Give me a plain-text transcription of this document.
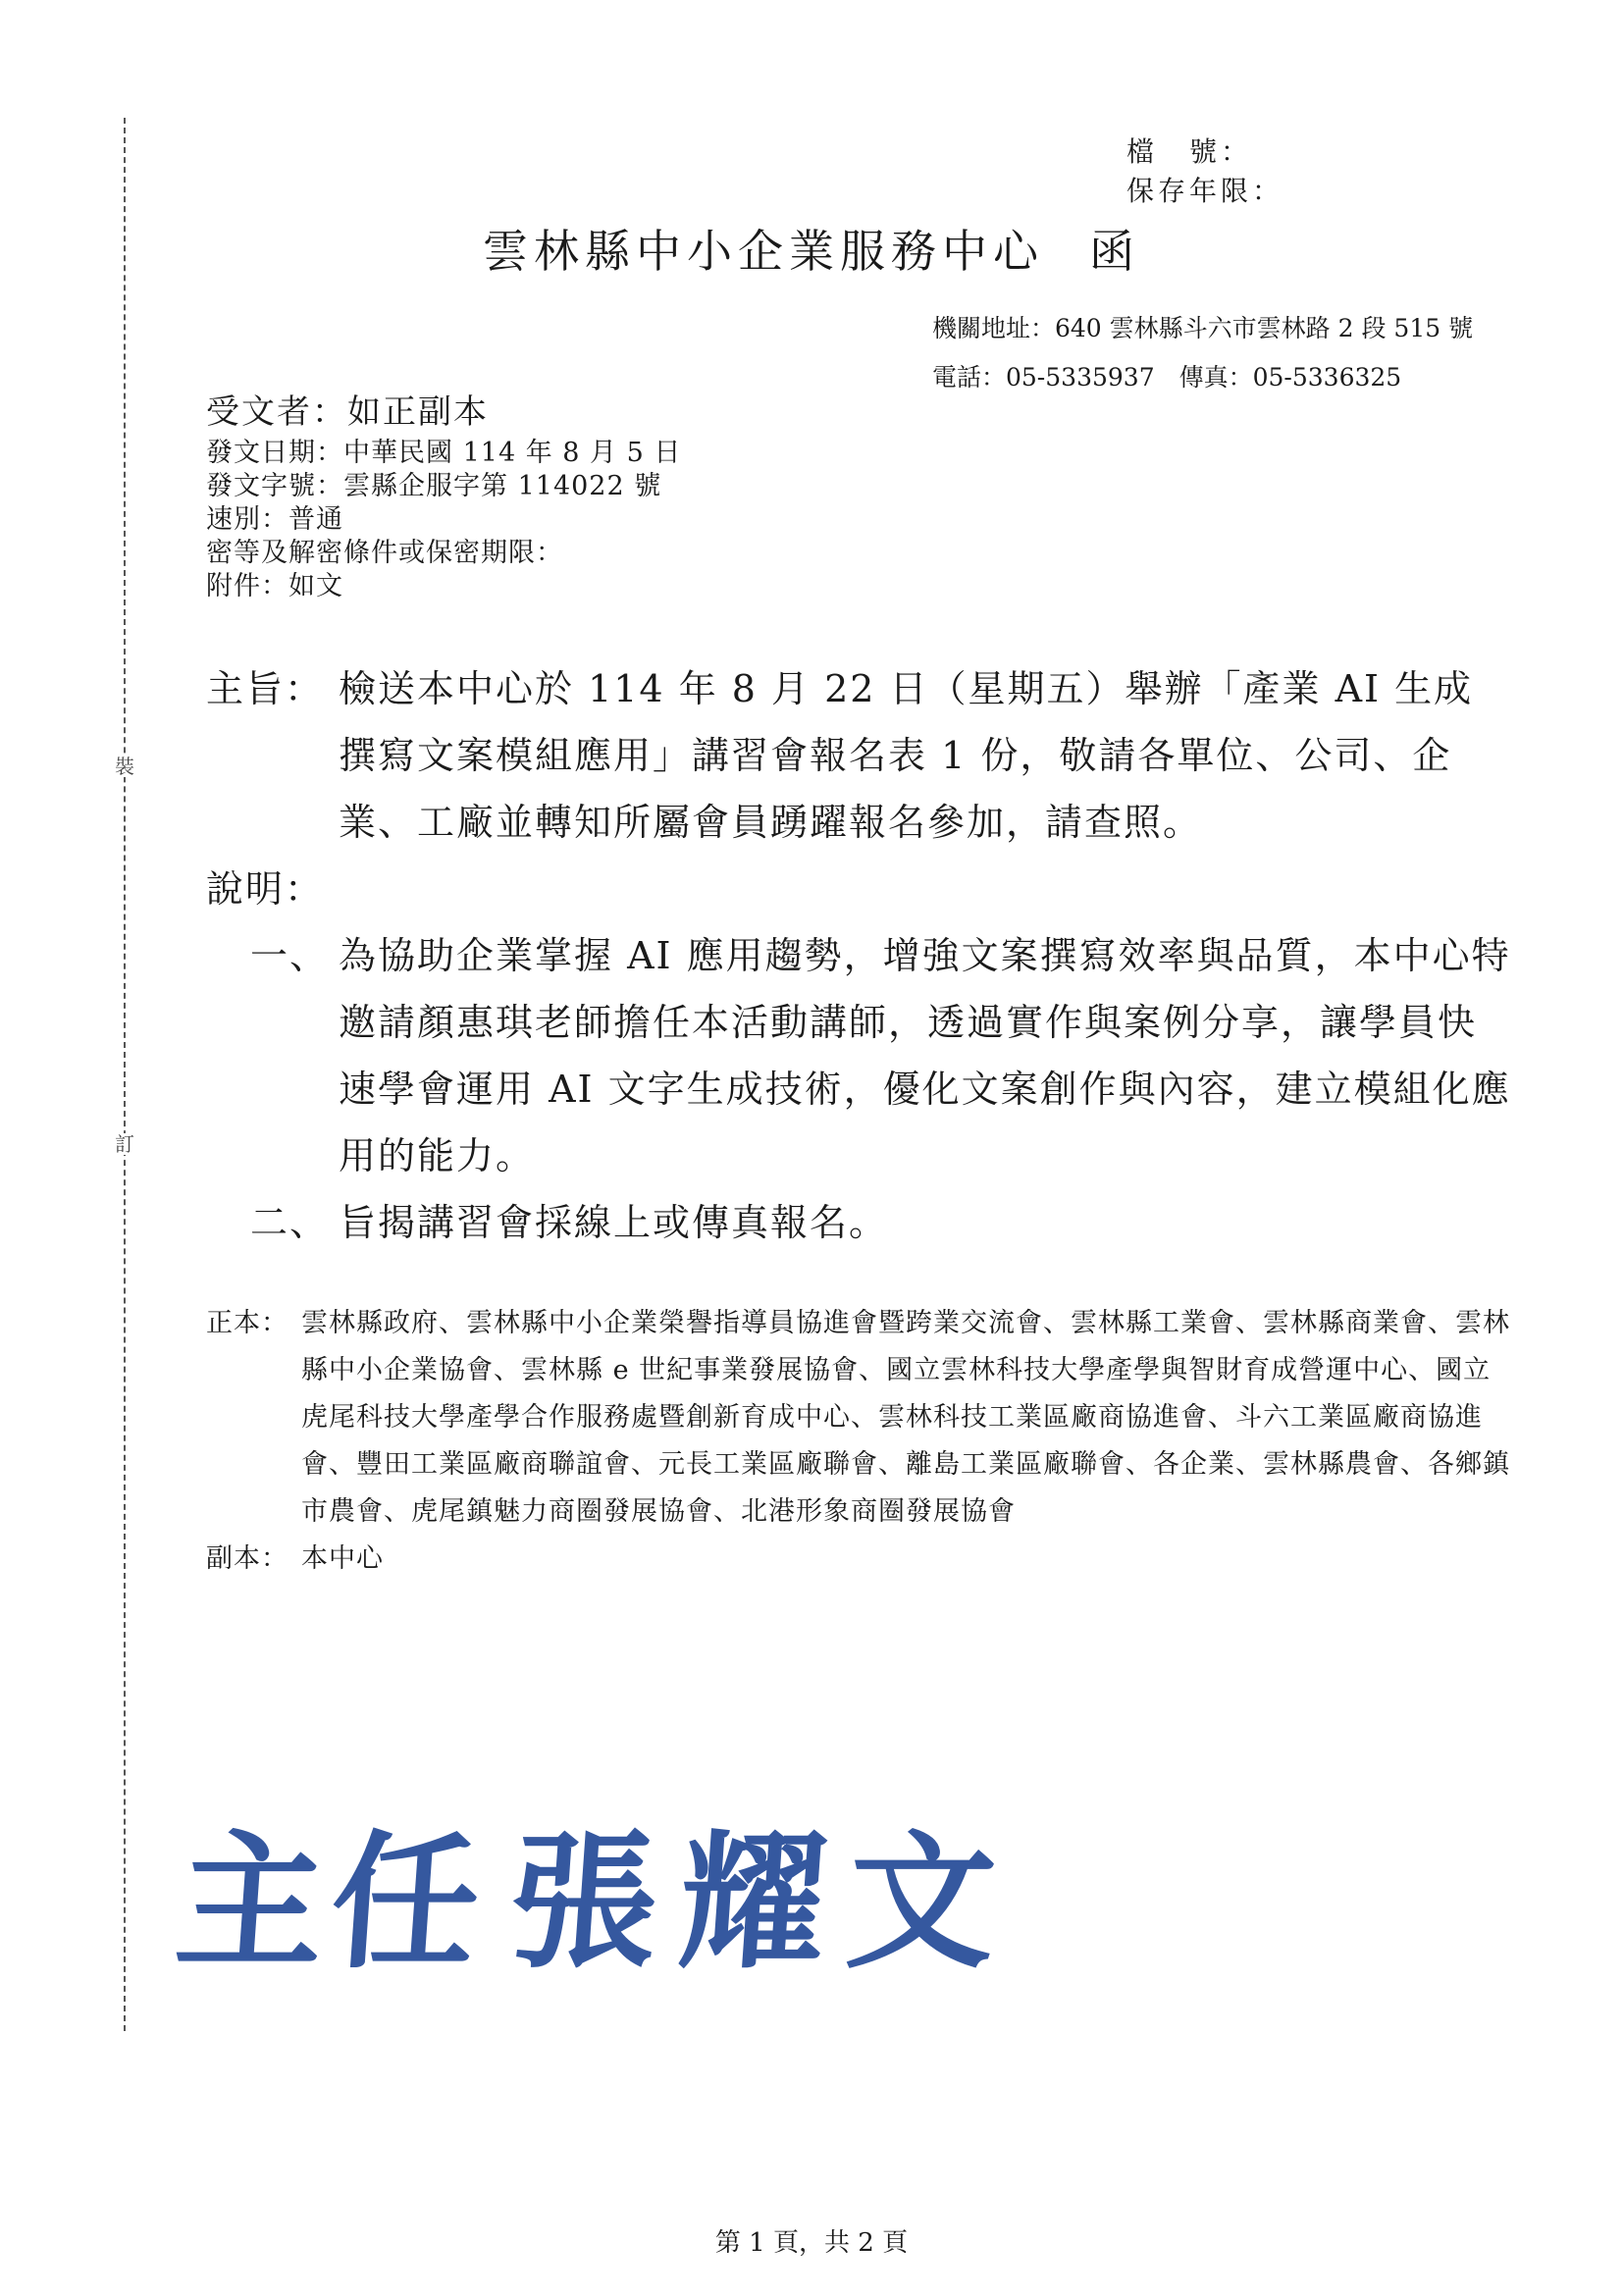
裝
訂
檔　號：
保存年限：
雲林縣中小企業服務中心 函
機關地址：640 雲林縣斗六市雲林路 2 段 515 號
電話：05-5335937　傳真：05-5336325
受文者：如正副本
發文日期：中華民國 114 年 8 月 5 日
發文字號：雲縣企服字第 114022 號
速別：普通
密等及解密條件或保密期限：
附件：如文
主旨： 檢送本中心於 114 年 8 月 22 日（星期五）舉辦「產業 AI 生成撰寫文案模組應用」講習會報名表 1 份，敬請各單位、公司、企業、工廠並轉知所屬會員踴躍報名參加，請查照。
說明：
一、 為協助企業掌握 AI 應用趨勢，增強文案撰寫效率與品質，本中心特邀請顏惠琪老師擔任本活動講師，透過實作與案例分享，讓學員快速學會運用 AI 文字生成技術，優化文案創作與內容，建立模組化應用的能力。
二、 旨揭講習會採線上或傳真報名。
正本： 雲林縣政府、雲林縣中小企業榮譽指導員協進會暨跨業交流會、雲林縣工業會、雲林縣商業會、雲林縣中小企業協會、雲林縣 e 世紀事業發展協會、國立雲林科技大學產學與智財育成營運中心、國立虎尾科技大學產學合作服務處暨創新育成中心、雲林科技工業區廠商協進會、斗六工業區廠商協進會、豐田工業區廠商聯誼會、元長工業區廠聯會、離島工業區廠聯會、各企業、雲林縣農會、各鄉鎮市農會、虎尾鎮魅力商圈發展協會、北港形象商圈發展協會
副本： 本中心
主任張耀文
第 1 頁，共 2 頁
